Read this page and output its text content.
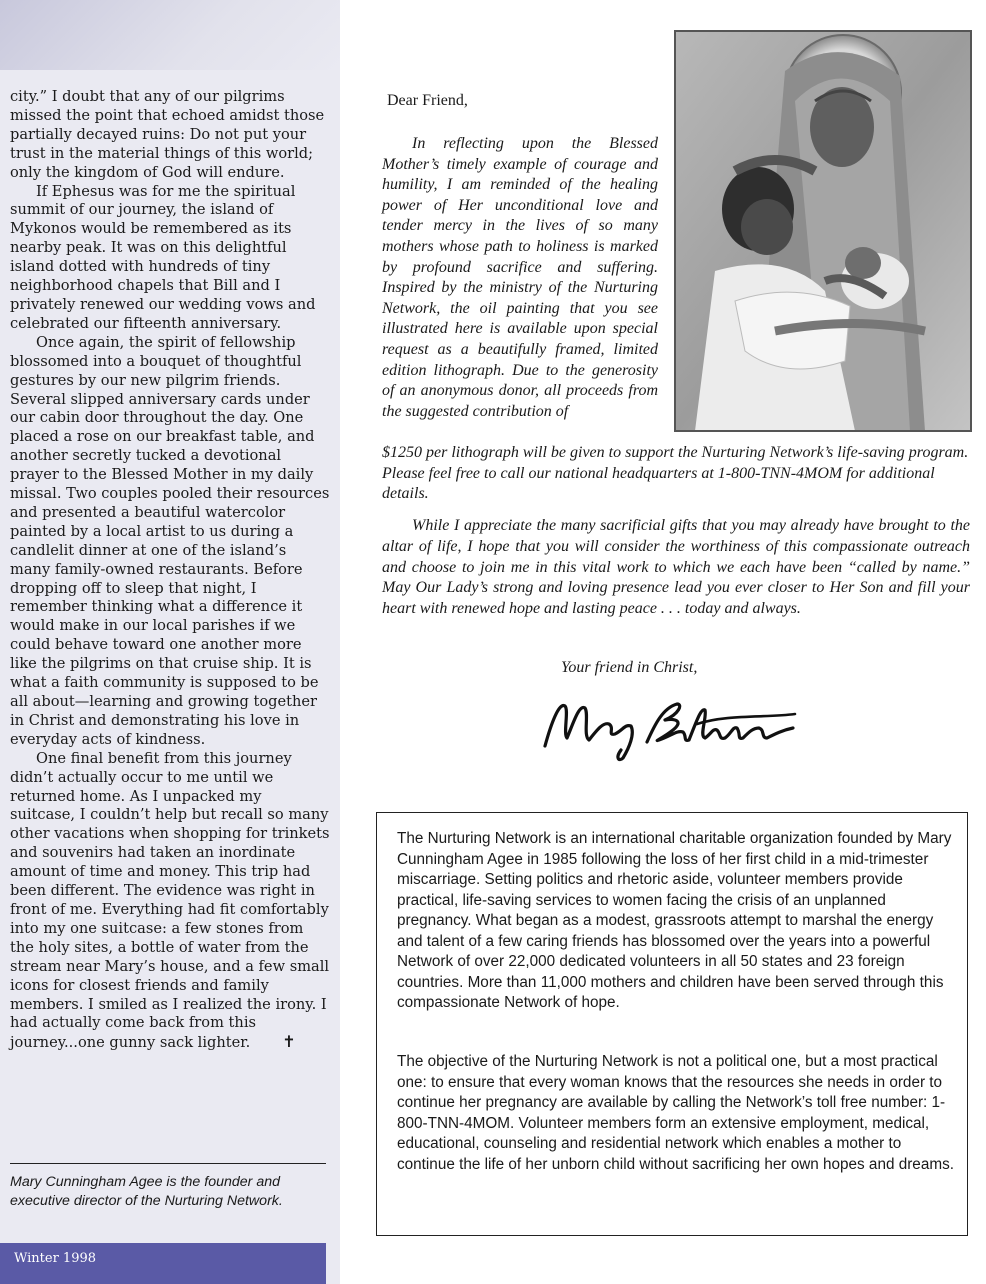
city.” I doubt that any of our pilgrims missed the point that echoed amidst those partially decayed ruins: Do not put your trust in the material things of this world; only the kingdom of God will endure.

If Ephesus was for me the spiritual summit of our journey, the island of Mykonos would be remembered as its nearby peak. It was on this delightful island dotted with hundreds of tiny neighborhood chapels that Bill and I privately renewed our wedding vows and celebrated our fifteenth anniversary.

Once again, the spirit of fellowship blossomed into a bouquet of thoughtful gestures by our new pilgrim friends. Several slipped anniversary cards under our cabin door throughout the day. One placed a rose on our breakfast table, and another secretly tucked a devotional prayer to the Blessed Mother in my daily missal. Two couples pooled their resources and presented a beautiful watercolor painted by a local artist to us during a candlelit dinner at one of the island’s many family-owned restaurants. Before dropping off to sleep that night, I remember thinking what a difference it would make in our local parishes if we could behave toward one another more like the pilgrims on that cruise ship. It is what a faith community is supposed to be all about—learning and growing together in Christ and demonstrating his love in everyday acts of kindness.

One final benefit from this journey didn’t actually occur to me until we returned home. As I unpacked my suitcase, I couldn’t help but recall so many other vacations when shopping for trinkets and souvenirs had taken an inordinate amount of time and money. This trip had been different. The evidence was right in front of me. Everything had fit comfortably into my one suitcase: a few stones from the holy sites, a bottle of water from the stream near Mary’s house, and a few small icons for closest friends and family members. I smiled as I realized the irony. I had actually come back from this journey...one gunny sack lighter. ✝

Mary Cunningham Agee is the founder and executive director of the Nurturing Network.

Winter 1998

Dear Friend,

In reflecting upon the Blessed Mother’s timely example of courage and humility, I am reminded of the healing power of Her unconditional love and tender mercy in the lives of so many mothers whose path to holiness is marked by profound sacrifice and suffering. Inspired by the ministry of the Nurturing Network, the oil painting that you see illustrated here is available upon special request as a beautifully framed, limited edition lithograph. Due to the generosity of an anonymous donor, all proceeds from the suggested contribution of

$1250 per lithograph will be given to support the Nurturing Network’s life-saving program. Please feel free to call our national headquarters at 1-800-TNN-4MOM for additional details.

While I appreciate the many sacrificial gifts that you may already have brought to the altar of life, I hope that you will consider the worthiness of this compassionate outreach and choose to join me in this vital work to which we each have been “called by name.” May Our Lady’s strong and loving presence lead you ever closer to Her Son and fill your heart with renewed hope and lasting peace . . . today and always.

Your friend in Christ,

The Nurturing Network is an international charitable organization founded by Mary Cunningham Agee in 1985 following the loss of her first child in a mid-trimester miscarriage. Setting politics and rhetoric aside, volunteer members provide practical, life-saving services to women facing the crisis of an unplanned pregnancy. What began as a modest, grassroots attempt to marshal the energy and talent of a few caring friends has blossomed over the years into a powerful Network of over 22,000 dedicated volunteers in all 50 states and 23 foreign countries. More than 11,000 mothers and children have been served through this compassionate Network of hope.

The objective of the Nurturing Network is not a political one, but a most practical one: to ensure that every woman knows that the resources she needs in order to continue her pregnancy are available by calling the Network’s toll free number: 1-800-TNN-4MOM. Volunteer members form an extensive employment, medical, educational, counseling and residential network which enables a mother to continue the life of her unborn child without sacrificing her own hopes and dreams.
